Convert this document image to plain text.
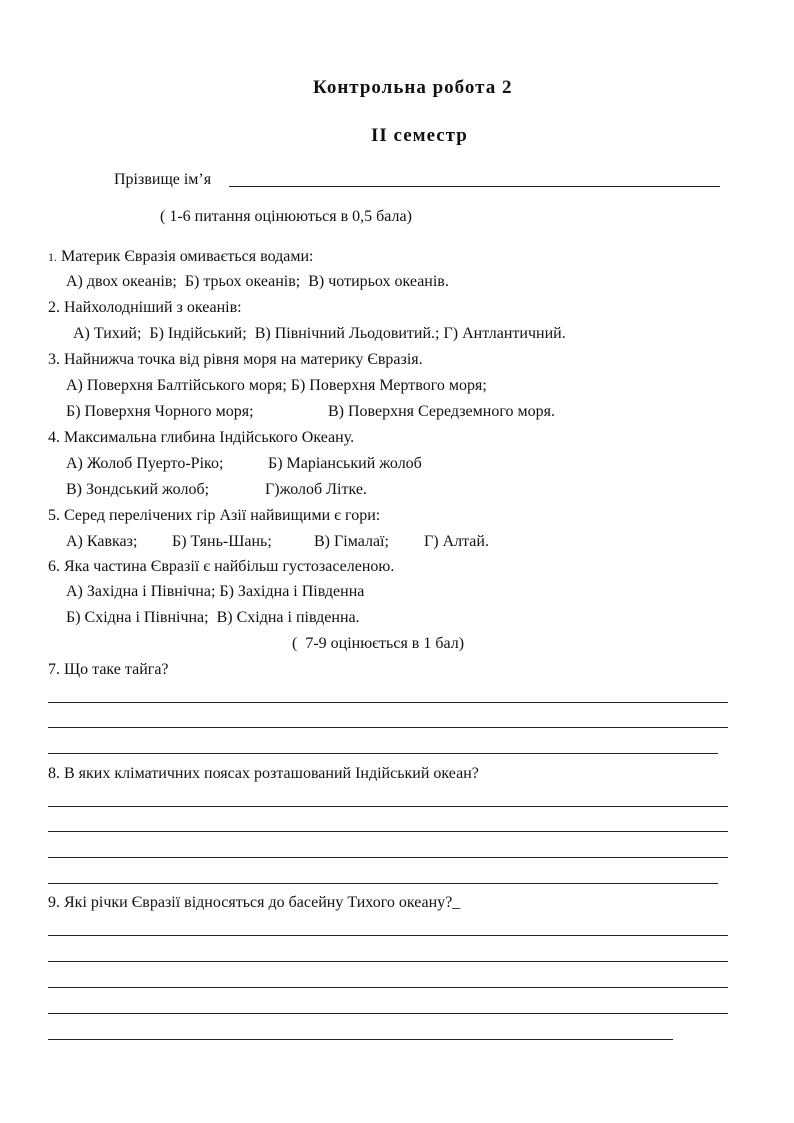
Контрольна робота 2
II семестр
Прізвище ім’я
( 1-6 питання оцінюються в 0,5 бала)
1. Материк Євразія омивається водами:
А) двох океанів;  Б) трьох океанів;  В) чотирьох океанів.
2. Найхолодніший з океанів:
А) Тихий;  Б) Індійський;  В) Північний Льодовитий.; Г) Антлантичний.
3. Найнижча точка від рівня моря на материку Євразія.
А) Поверхня Балтійського моря; Б) Поверхня Мертвого моря;
Б) Поверхня Чорного моря;	В) Поверхня Середземного моря.
4. Максимальна глибина Індійського Океану.
А) Жолоб Пуерто-Ріко;	Б) Маріанський жолоб
В) Зондський жолоб;	Г)жолоб Літке.
5. Серед перелічених гір Азії найвищими є гори:
А) Кавказ; Б) Тянь-Шань;	В) Гімалаї; Г) Алтай.
6. Яка частина Євразії є найбільш густозаселеною.
А) Західна і Північна; Б) Західна і Південна
Б) Східна і Північна;  В) Східна і південна.
(  7-9 оцінюється в 1 бал)
7. Що таке тайга?
8. В яких кліматичних поясах розташований Індійський океан?
9. Які річки Євразії відносяться до басейну Тихого океану?_
